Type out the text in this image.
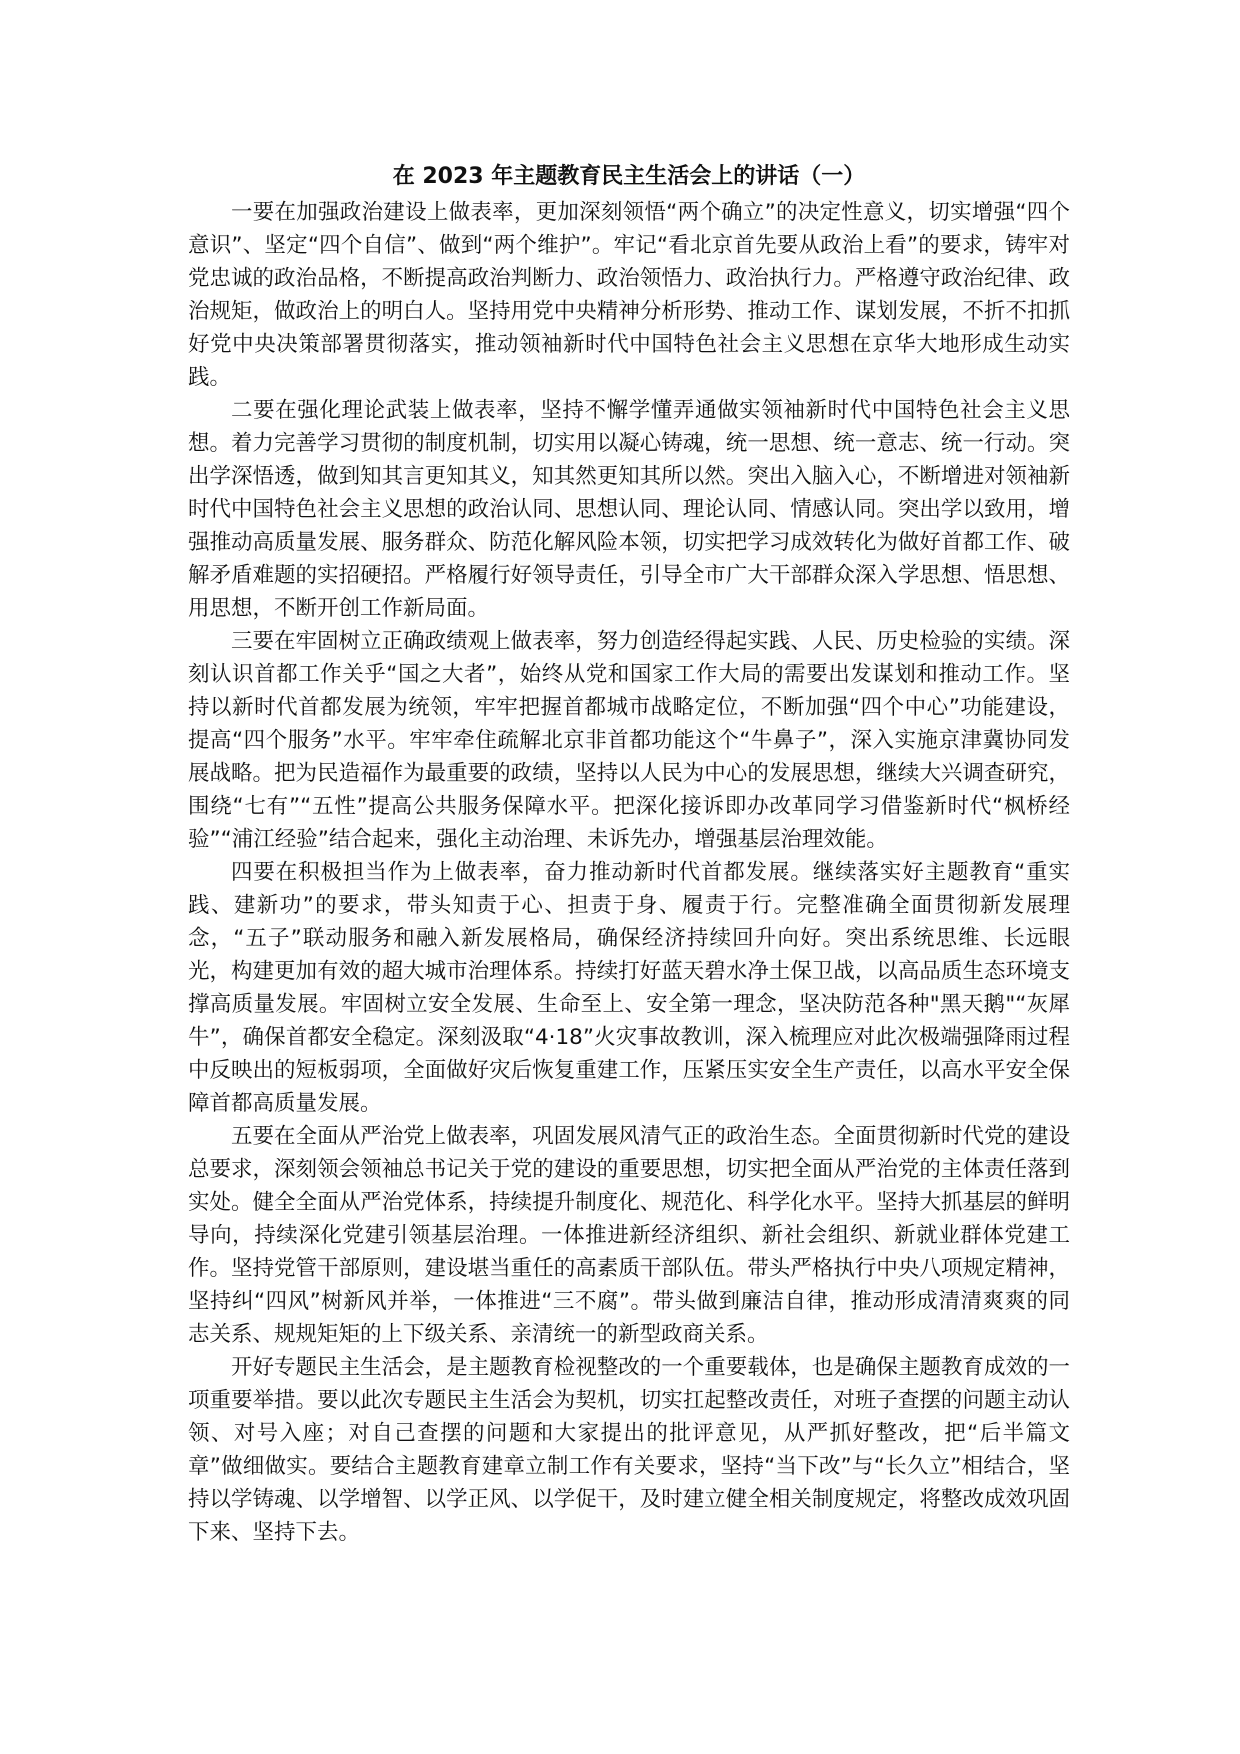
在 2023 年主题教育民主生活会上的讲话（一）

一要在加强政治建设上做表率，更加深刻领悟“两个确立”的决定性意义，切实增强“四个意识”、坚定“四个自信”、做到“两个维护”。牢记“看北京首先要从政治上看”的要求，铸牢对党忠诚的政治品格，不断提高政治判断力、政治领悟力、政治执行力。严格遵守政治纪律、政治规矩，做政治上的明白人。坚持用党中央精神分析形势、推动工作、谋划发展，不折不扣抓好党中央决策部署贯彻落实，推动领袖新时代中国特色社会主义思想在京华大地形成生动实践。

二要在强化理论武装上做表率，坚持不懈学懂弄通做实领袖新时代中国特色社会主义思想。着力完善学习贯彻的制度机制，切实用以凝心铸魂，统一思想、统一意志、统一行动。突出学深悟透，做到知其言更知其义，知其然更知其所以然。突出入脑入心，不断增进对领袖新时代中国特色社会主义思想的政治认同、思想认同、理论认同、情感认同。突出学以致用，增强推动高质量发展、服务群众、防范化解风险本领，切实把学习成效转化为做好首都工作、破解矛盾难题的实招硬招。严格履行好领导责任，引导全市广大干部群众深入学思想、悟思想、用思想，不断开创工作新局面。

三要在牢固树立正确政绩观上做表率，努力创造经得起实践、人民、历史检验的实绩。深刻认识首都工作关乎“国之大者”，始终从党和国家工作大局的需要出发谋划和推动工作。坚持以新时代首都发展为统领，牢牢把握首都城市战略定位，不断加强“四个中心”功能建设，提高“四个服务”水平。牢牢牵住疏解北京非首都功能这个“牛鼻子”，深入实施京津冀协同发展战略。把为民造福作为最重要的政绩，坚持以人民为中心的发展思想，继续大兴调查研究，围绕“七有”“五性”提高公共服务保障水平。把深化接诉即办改革同学习借鉴新时代“枫桥经验”“浦江经验”结合起来，强化主动治理、未诉先办，增强基层治理效能。

四要在积极担当作为上做表率，奋力推动新时代首都发展。继续落实好主题教育“重实践、建新功”的要求，带头知责于心、担责于身、履责于行。完整准确全面贯彻新发展理念，“五子”联动服务和融入新发展格局，确保经济持续回升向好。突出系统思维、长远眼光，构建更加有效的超大城市治理体系。持续打好蓝天碧水净土保卫战，以高品质生态环境支撑高质量发展。牢固树立安全发展、生命至上、安全第一理念，坚决防范各种"黑天鹅"“灰犀牛”，确保首都安全稳定。深刻汲取“4·18”火灾事故教训，深入梳理应对此次极端强降雨过程中反映出的短板弱项，全面做好灾后恢复重建工作，压紧压实安全生产责任，以高水平安全保障首都高质量发展。

五要在全面从严治党上做表率，巩固发展风清气正的政治生态。全面贯彻新时代党的建设总要求，深刻领会领袖总书记关于党的建设的重要思想，切实把全面从严治党的主体责任落到实处。健全全面从严治党体系，持续提升制度化、规范化、科学化水平。坚持大抓基层的鲜明导向，持续深化党建引领基层治理。一体推进新经济组织、新社会组织、新就业群体党建工作。坚持党管干部原则，建设堪当重任的高素质干部队伍。带头严格执行中央八项规定精神，坚持纠“四风”树新风并举，一体推进“三不腐”。带头做到廉洁自律，推动形成清清爽爽的同志关系、规规矩矩的上下级关系、亲清统一的新型政商关系。

开好专题民主生活会，是主题教育检视整改的一个重要载体，也是确保主题教育成效的一项重要举措。要以此次专题民主生活会为契机，切实扛起整改责任，对班子查摆的问题主动认领、对号入座；对自己查摆的问题和大家提出的批评意见，从严抓好整改，把“后半篇文章”做细做实。要结合主题教育建章立制工作有关要求，坚持“当下改”与“长久立”相结合，坚持以学铸魂、以学增智、以学正风、以学促干，及时建立健全相关制度规定，将整改成效巩固下来、坚持下去。
